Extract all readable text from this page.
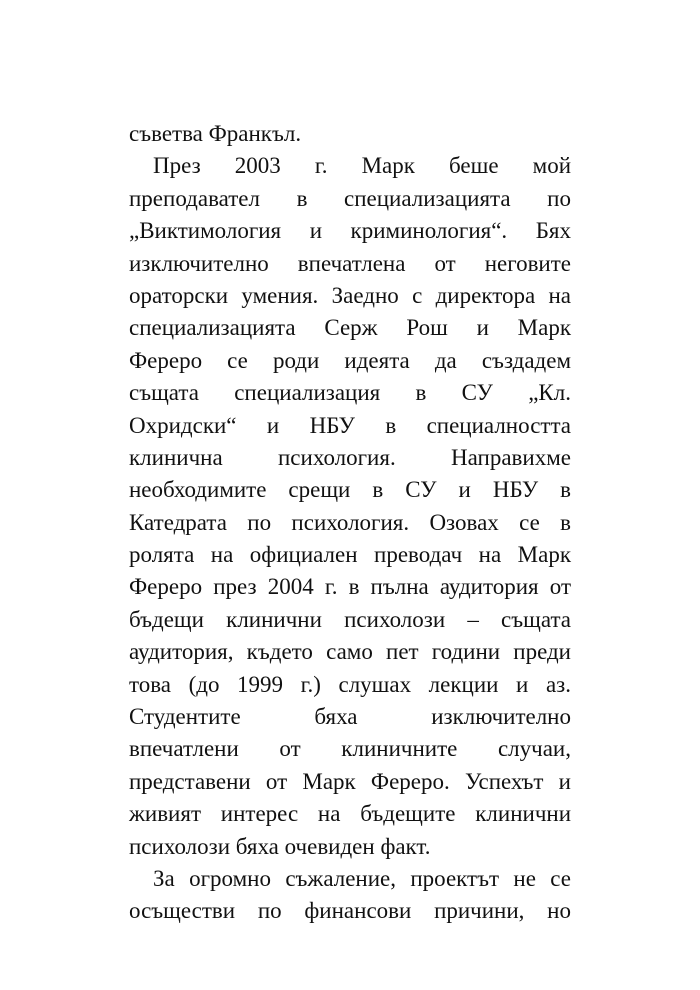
съветва Франкъл.
През 2003 г. Марк беше мой
преподавател в специализацията по
„Виктимология и криминология“. Бях
изключително впечатлена от неговите
ораторски умения. Заедно с директора на
специализацията Серж Рош и Марк
Фереро се роди идеята да създадем
същата специализация в СУ „Кл.
Охридски“ и НБУ в специалността
клинична психология. Направихме
необходимите срещи в СУ и НБУ в
Катедрата по психология. Озовах се в
ролята на официален преводач на Марк
Фереро през 2004 г. в пълна аудитория от
бъдещи клинични психолози – същата
аудитория, където само пет години преди
това (до 1999 г.) слушах лекции и аз.
Студентите бяха изключително
впечатлени от клиничните случаи,
представени от Марк Фереро. Успехът и
живият интерес на бъдещите клинични
психолози бяха очевиден факт.
За огромно съжаление, проектът не се
осъществи по финансови причини, но
